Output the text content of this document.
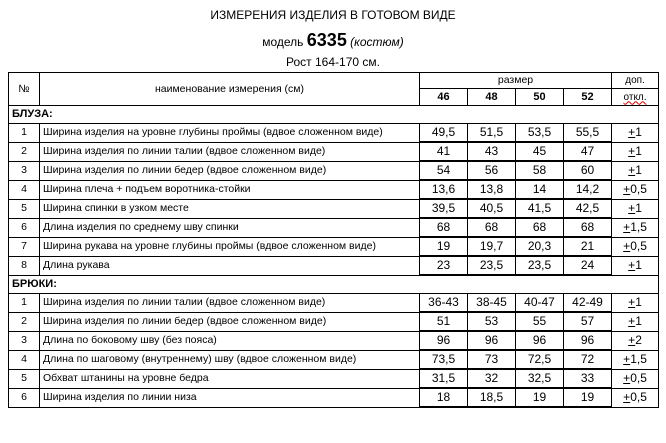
ИЗМЕРЕНИЯ ИЗДЕЛИЯ В ГОТОВОМ ВИДЕ
модель 6335 (костюм)
Рост 164-170 см.
№	наименование измерения (см)	размер				доп.
		46	48	50	52	откл.
БЛУЗА:						
1	Ширина изделия на уровне глубины проймы (вдвое сложенном виде)	49,5	51,5	53,5	55,5	+1
2	Ширина изделия по линии талии (вдвое сложенном виде)	41	43	45	47	+1
3	Ширина изделия по линии бедер (вдвое сложенном виде)	54	56	58	60	+1
4	Ширина плеча + подъем воротника-стойки	13,6	13,8	14	14,2	+0,5
5	Ширина спинки в узком месте	39,5	40,5	41,5	42,5	+1
6	Длина изделия по среднему шву спинки	68	68	68	68	+1,5
7	Ширина рукава на уровне глубины проймы (вдвое сложенном виде)	19	19,7	20,3	21	+0,5
8	Длина рукава	23	23,5	23,5	24	+1
БРЮКИ:						
1	Ширина изделия по линии талии (вдвое сложенном виде)	36-43	38-45	40-47	42-49	+1
2	Ширина изделия по линии бедер (вдвое сложенном виде)	51	53	55	57	+1
3	Длина по боковому шву (без пояса)	96	96	96	96	+2
4	Длина по шаговому (внутреннему) шву (вдвое сложенном виде)	73,5	73	72,5	72	+1,5
5	Обхват штанины на уровне бедра	31,5	32	32,5	33	+0,5
6	Ширина изделия по линии низа	18	18,5	19	19	+0,5
